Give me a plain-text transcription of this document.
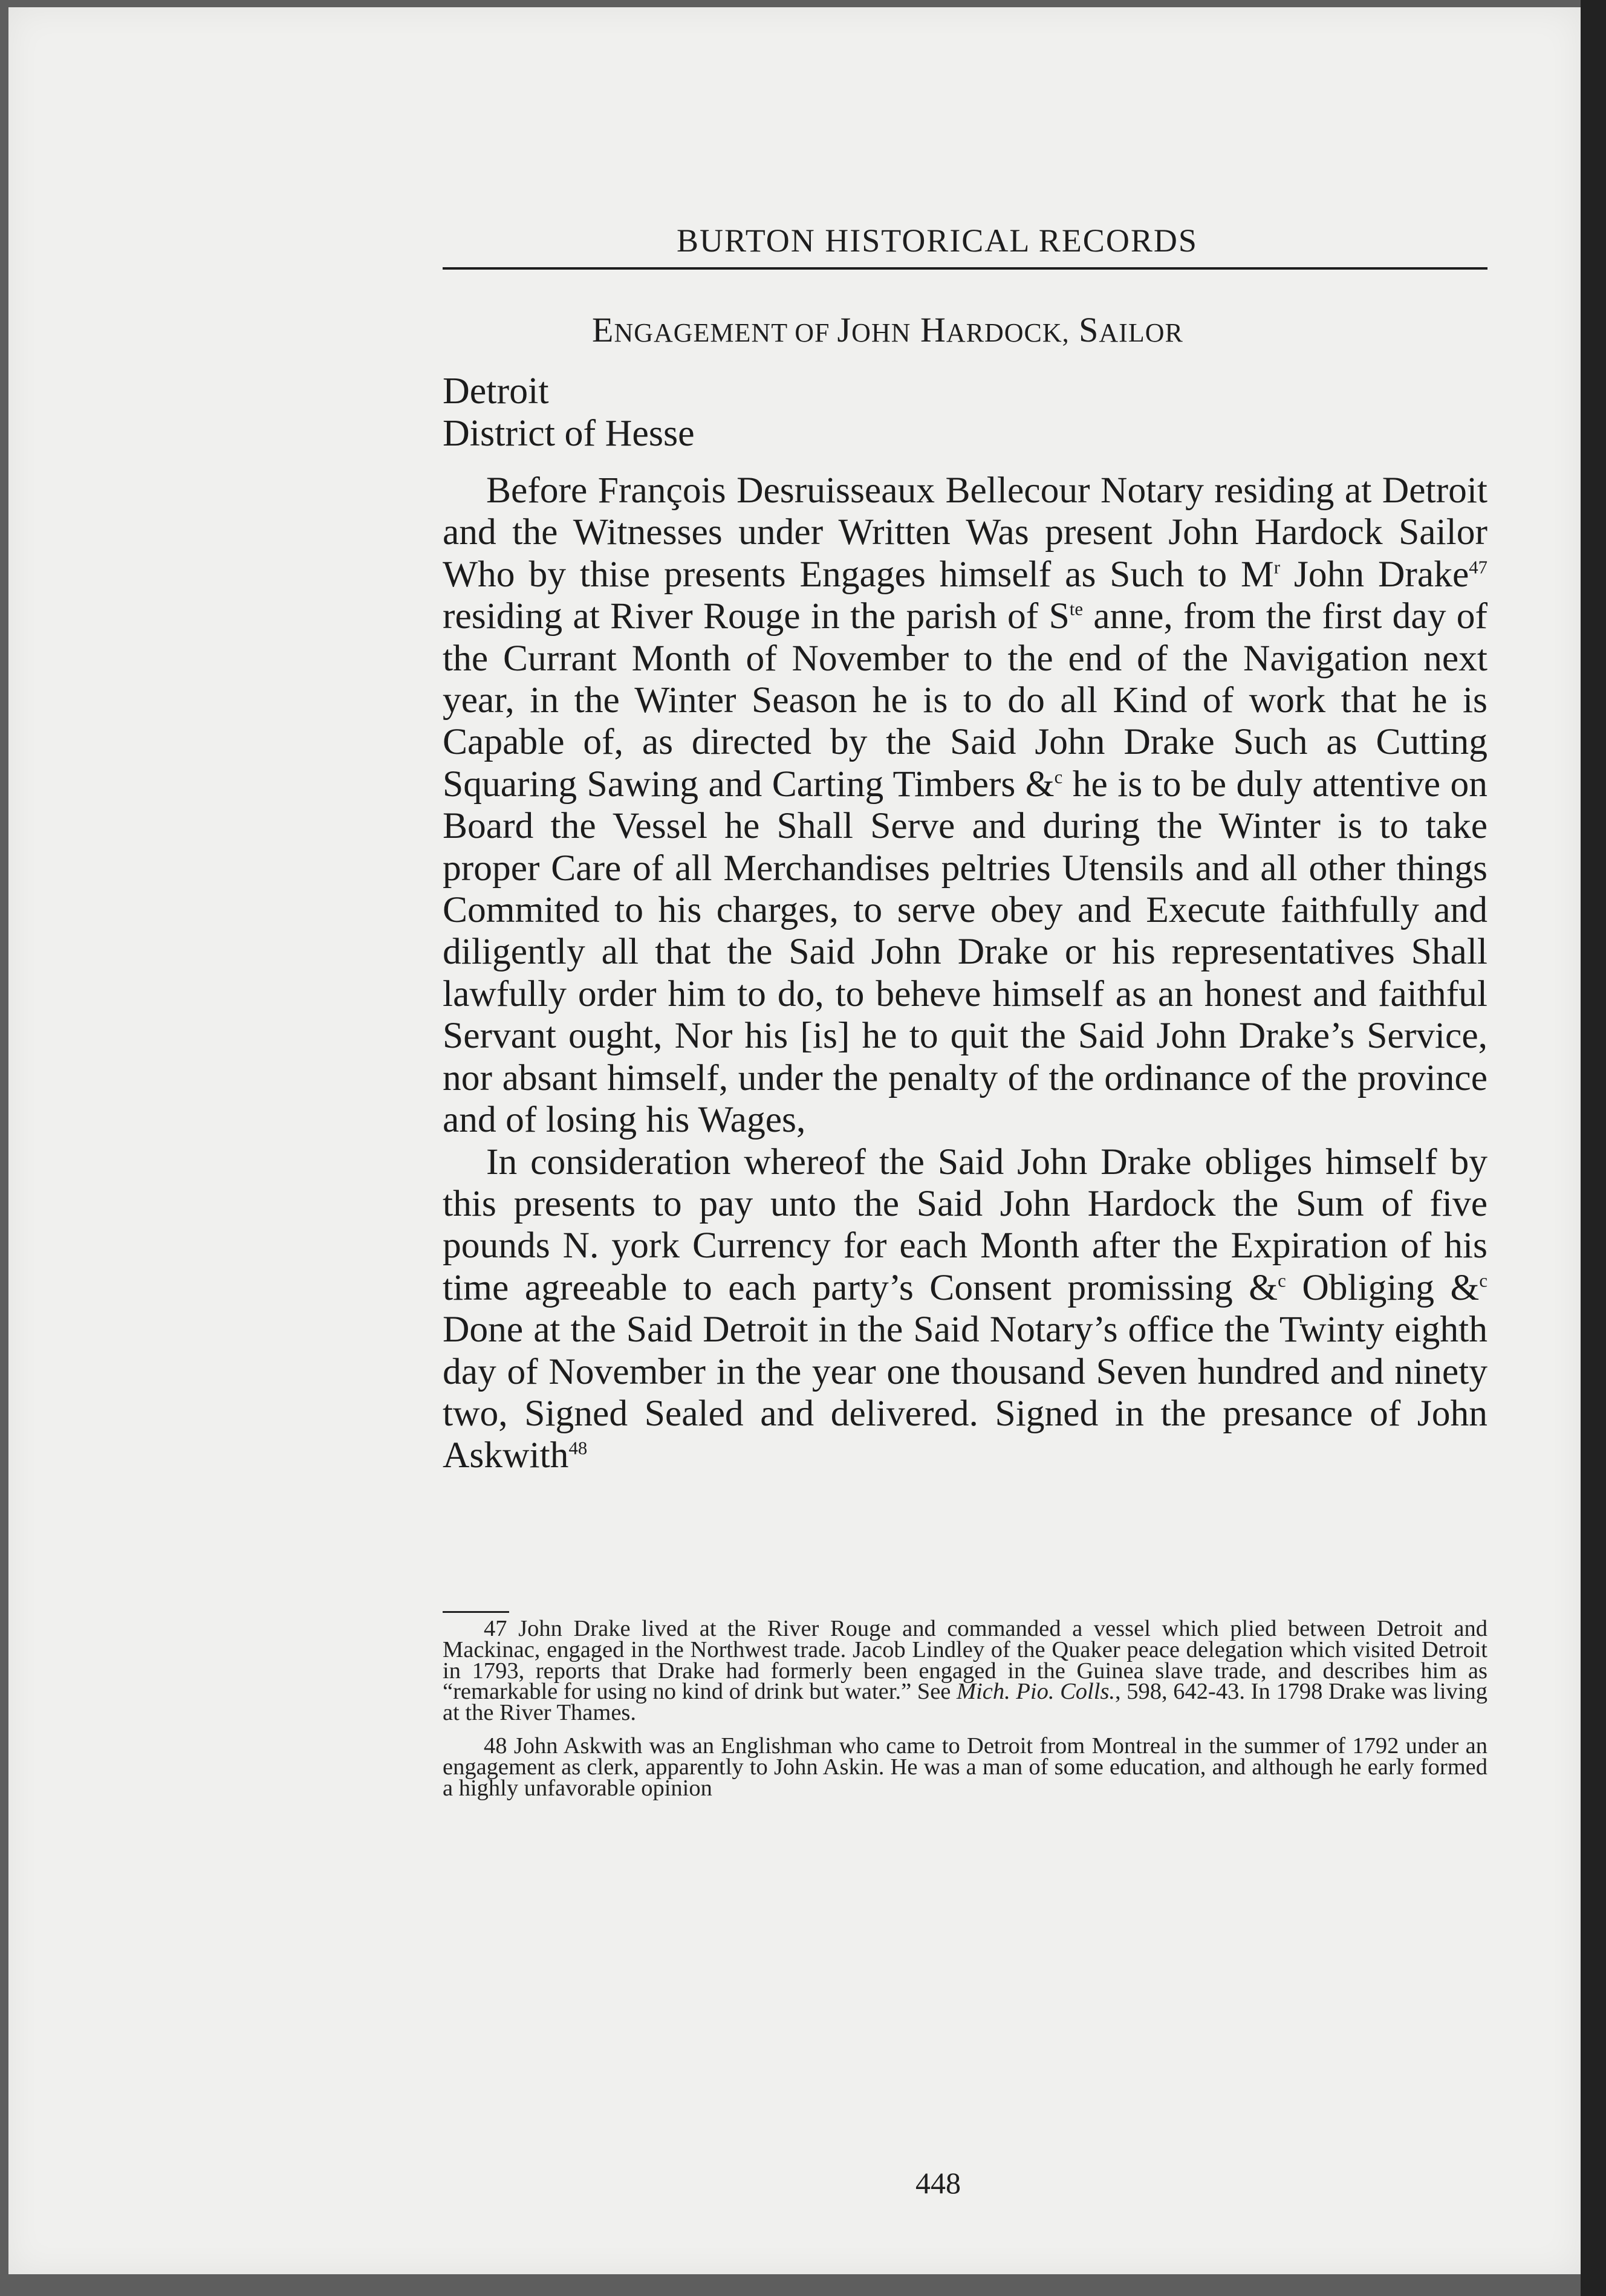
BURTON HISTORICAL RECORDS
ENGAGEMENT OF JOHN HARDOCK, SAILOR
Detroit
District of Hesse

Before François Desruisseaux Bellecour Notary residing at Detroit and the Witnesses under Written Was present John Hardock Sailor Who by thise presents Engages himself as Such to $M^r$ John Drake$^{47}$ residing at River Rouge in the parish of $S^{te}$ anne, from the first day of the Currant Month of November to the end of the Navigation next year, in the Winter Season he is to do all Kind of work that he is Capable of, as directed by the Said John Drake Such as Cutting Squaring Sawing and Carting Timbers &$^c$ he is to be duly attentive on Board the Vessel he Shall Serve and during the Winter is to take proper Care of all Merchandises peltries Utensils and all other things Commited to his charges, to serve obey and Execute faithfully and diligently all that the Said John Drake or his representatives Shall lawfully order him to do, to beheve himself as an honest and faithful Servant ought, Nor his [is] he to quit the Said John Drake’s Service, nor absant himself, under the penalty of the ordinance of the province and of losing his Wages,

In consideration whereof the Said John Drake obliges himself by this presents to pay unto the Said John Hardock the Sum of five pounds N. york Currency for each Month after the Expiration of his time agreeable to each party’s Consent promissing &$^c$ Obliging &$^c$ Done at the Said Detroit in the Said Notary’s office the Twinty eighth day of November in the year one thousand Seven hundred and ninety two, Signed Sealed and delivered. Signed in the presance of John Askwith$^{48}$

47 John Drake lived at the River Rouge and commanded a vessel which plied between Detroit and Mackinac, engaged in the Northwest trade. Jacob Lindley of the Quaker peace delegation which visited Detroit in 1793, reports that Drake had formerly been engaged in the Guinea slave trade, and describes him as “remarkable for using no kind of drink but water.” See Mich. Pio. Colls., 598, 642-43. In 1798 Drake was living at the River Thames.

48 John Askwith was an Englishman who came to Detroit from Montreal in the summer of 1792 under an engagement as clerk, apparently to John Askin. He was a man of some education, and although he early formed a highly unfavorable opinion

448
